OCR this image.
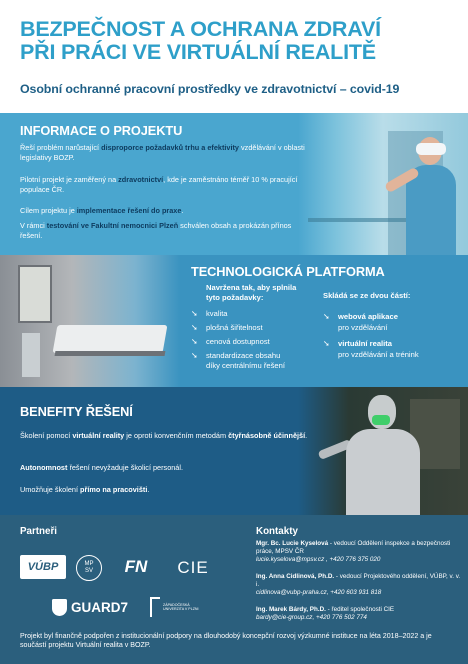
BEZPEČNOST A OCHRANA ZDRAVÍ
PŘI PRÁCI VE VIRTUÁLNÍ REALITĚ
Osobní ochranné pracovní prostředky ve zdravotnictví – covid-19
INFORMACE O PROJEKTU
Řeší problém narůstající disproporce požadavků trhu a efektivity vzdělávání v oblasti legislativy BOZP.
Pilotní projekt je zaměřený na zdravotnictví, kde je zaměstnáno téměř 10 % pracující populace ČR.
Cílem projektu je implementace řešení do praxe.
V rámci testování ve Fakultní nemocnici Plzeň schválen obsah a prokázán přínos řešení.
TECHNOLOGICKÁ PLATFORMA
Navržena tak, aby splnila
tyto požadavky:
➘ kvalita
➘ plošná šiřitelnost
➘ cenová dostupnost
➘ standardizace obsahu
díky centrálnímu řešení
Skládá se ze dvou částí:
➘ webová aplikace
pro vzdělávání
➘ virtuální realita
pro vzdělávání a trénink
BENEFITY ŘEŠENÍ
Školení pomocí virtuální reality je oproti konvenčním metodám čtyřnásobně účinnější.
Autonomnost řešení nevyžaduje školicí personál.
Umožňuje školení přímo na pracovišti.
Partneři
VÚBP	MP
SV FN CIE
GUARD7	ZÁPADOČESKÁ UNIVERZITA V PLZNI
Kontakty
Mgr. Bc. Lucie Kyselová - vedoucí Oddělení inspekce a bezpečnosti práce, MPSV ČR
lucie.kyselova@mpsv.cz , +420 776 375 020
Ing. Anna Cidlinová, Ph.D. - vedoucí Projektového oddělení, VÚBP, v. v. i.
cidlinova@vubp-praha.cz, +420 603 931 818
Ing. Marek Bárdy, Ph.D. - ředitel společnosti CIE
bardy@cie-group.cz, +420 776 502 774
Projekt byl finančně podpořen z institucionální podpory na dlouhodobý koncepční rozvoj výzkumné instituce na léta 2018–2022 a je součástí projektu Virtuální realita v BOZP.
